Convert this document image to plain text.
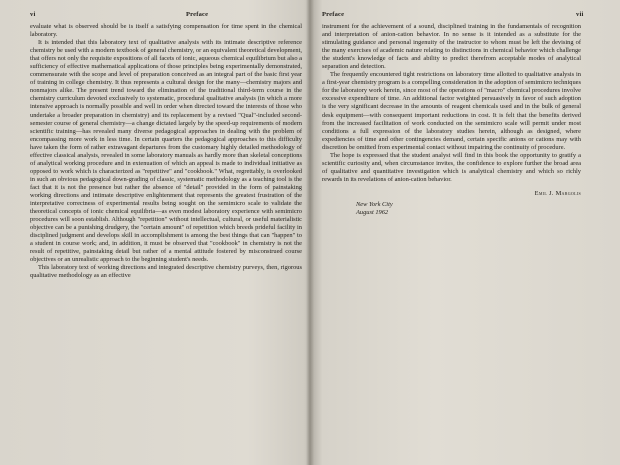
vi	Preface

evaluate what is observed should be is itself a satisfying compensation for time spent in the chemical laboratory.

It is intended that this laboratory text of qualitative analysis with its intimate descriptive reference chemistry be used with a modern textbook of general chemistry, or an equivalent theoretical development, that offers not only the requisite expositions of all facets of ionic, aqueous chemical equilibrium but also a sufficiency of effective mathematical applications of those principles being experimentally demonstrated, commensurate with the scope and level of preparation conceived as an integral part of the basic first year of training in college chemistry. It thus represents a cultural design for the many—chemistry majors and nonmajors alike. The present trend toward the elimination of the traditional third-term course in the chemistry curriculum devoted exclusively to systematic, procedural qualitative analysis (in which a more intensive approach is normally possible and well in order when directed toward the interests of those who undertake a broader preparation in chemistry) and its replacement by a revised "Qual"-included second-semester course of general chemistry—a change dictated largely by the speed-up requirements of modern scientific training—has revealed many diverse pedagogical approaches in dealing with the problem of encompassing more work in less time. In certain quarters the pedagogical approaches to this difficulty have taken the form of rather extravagant departures from the customary highly detailed methodology of effective classical analysis, revealed in some laboratory manuals as hardly more than skeletal conceptions of analytical working procedure and in extenuation of which an appeal is made to individual initiative as opposed to work which is characterized as "repetitive" and "cookbook." What, regrettably, is overlooked in such an obvious pedagogical down-grading of classic, systematic methodology as a teaching tool is the fact that it is not the presence but rather the absence of "detail" provided in the form of painstaking working directions and intimate descriptive enlightenment that represents the greatest frustration of the interpretative correctness of experimental results being sought on the semimicro scale to validate the theoretical concepts of ionic chemical equilibria—as even modest laboratory experience with semimicro procedures will soon establish. Although "repetition" without intellectual, cultural, or useful materialistic objective can be a punishing drudgery, the "certain amount" of repetition which breeds prideful facility in disciplined judgment and develops skill in accomplishment is among the best things that can "happen" to a student in course work; and, in addition, it must be observed that "cookbook" in chemistry is not the result of repetitive, painstaking detail but rather of a mental attitude fostered by misconstrued course objectives or an unrealistic approach to the beginning student's needs.

This laboratory text of working directions and integrated descriptive chemistry purveys, then, rigorous qualitative methodology as an effective

Preface	vii

instrument for the achievement of a sound, disciplined training in the fundamentals of recognition and interpretation of anion-cation behavior. In no sense is it intended as a substitute for the stimulating guidance and personal ingenuity of the instructor to whom must be left the devising of the many exercises of academic nature relating to distinctions in chemical behavior which challenge the student's knowledge of facts and ability to predict therefrom acceptable modes of analytical separation and detection.

The frequently encountered tight restrictions on laboratory time allotted to qualitative analysis in a first-year chemistry program is a compelling consideration in the adoption of semimicro techniques for the laboratory work herein, since most of the operations of "macro" chemical procedures involve excessive expenditure of time. An additional factor weighted persuasively in favor of such adoption is the very significant decrease in the amounts of reagent chemicals used and in the bulk of general desk equipment—with consequent important reductions in cost. It is felt that the benefits derived from the increased facilitation of work conducted on the semimicro scale will permit under most conditions a full expression of the laboratory studies herein, although as designed, where expediencies of time and other contingencies demand, certain specific anions or cations may with discretion be omitted from experimental contact without impairing the continuity of procedure.

The hope is expressed that the student analyst will find in this book the opportunity to gratify a scientific curiosity and, when circumstance invites, the confidence to explore further the broad area of qualitative and quantitative investigation which is analytical chemistry and which so richly rewards in its revelations of anion-cation behavior.

Emil J. Margolis
New York City
August 1962
